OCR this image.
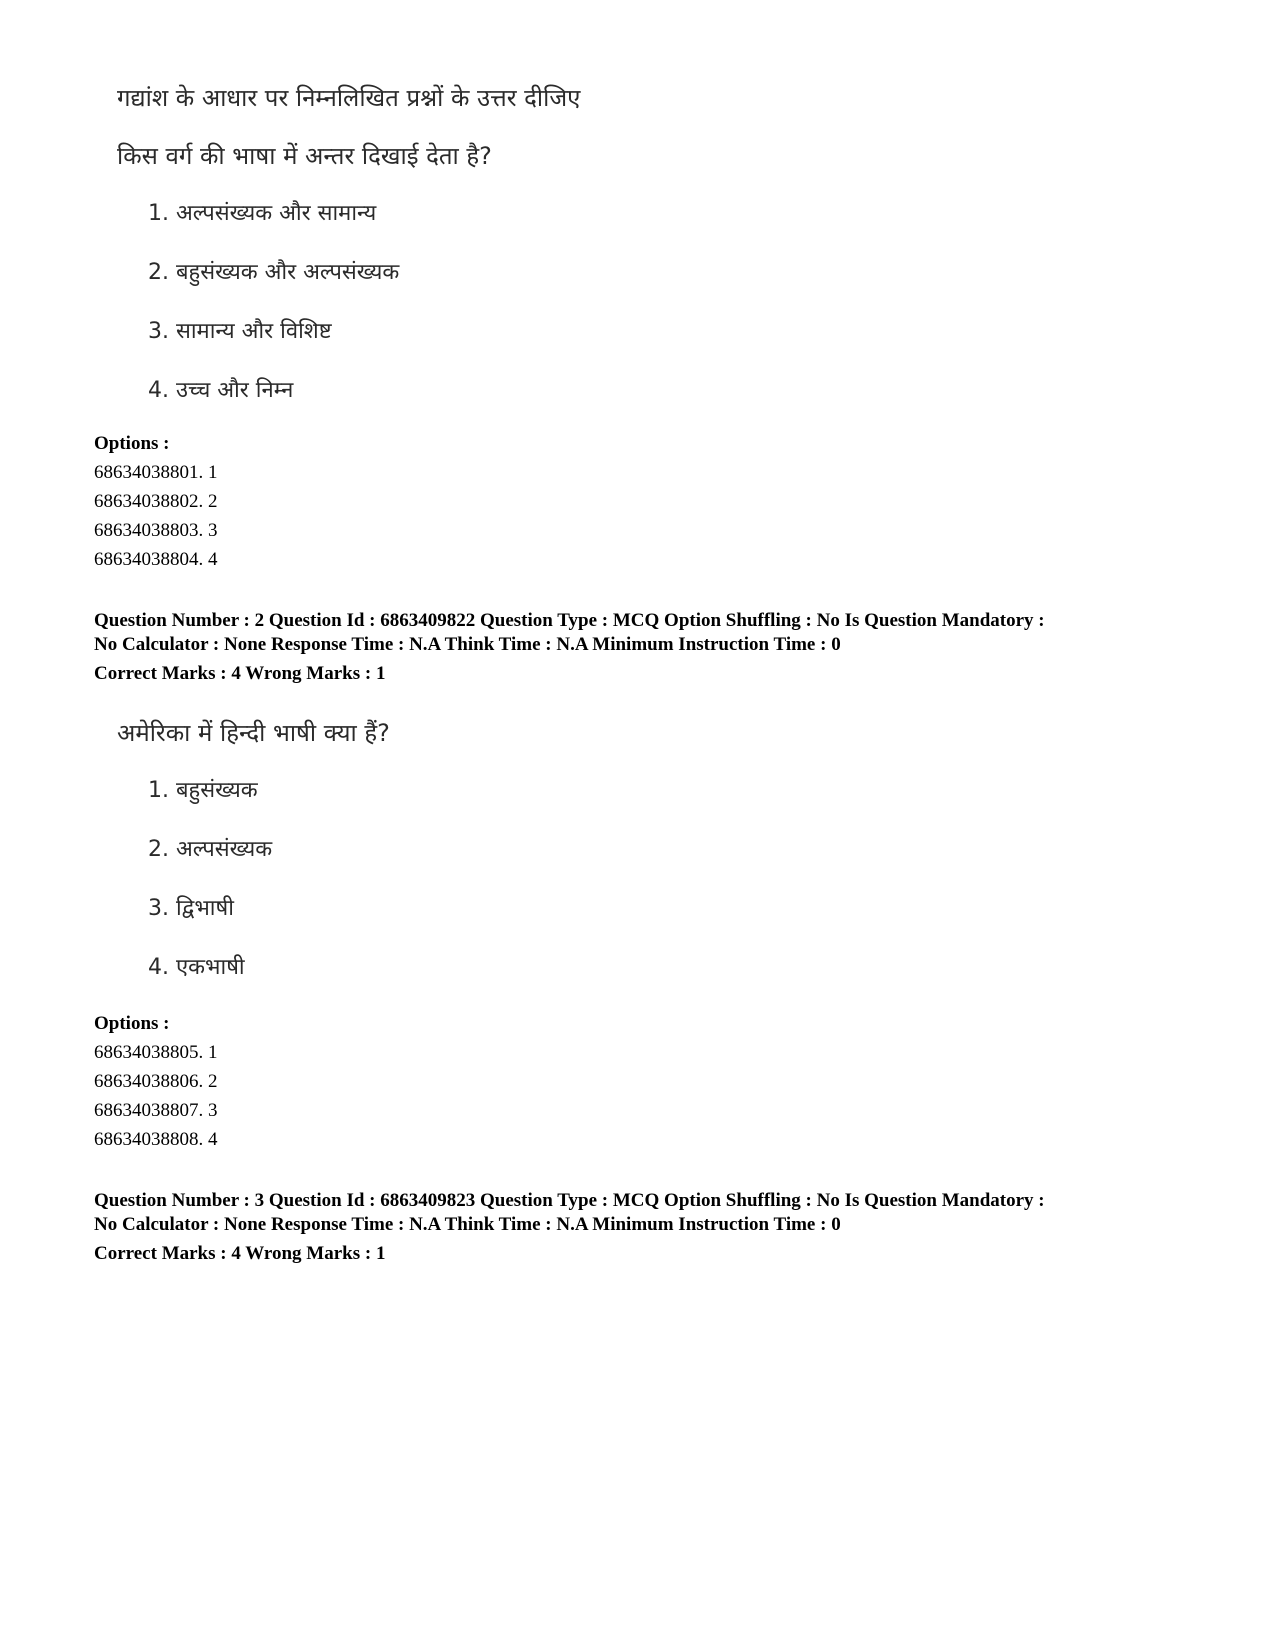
गद्यांश के आधार पर निम्नलिखित प्रश्नों के उत्तर दीजिए
किस वर्ग की भाषा में अन्तर दिखाई देता है?
1. अल्पसंख्यक और सामान्य
2. बहुसंख्यक और अल्पसंख्यक
3. सामान्य और विशिष्ट
4. उच्च और निम्न
Options :
68634038801. 1
68634038802. 2
68634038803. 3
68634038804. 4
Question Number : 2 Question Id : 6863409822 Question Type : MCQ Option Shuffling : No Is Question Mandatory :
No Calculator : None Response Time : N.A Think Time : N.A Minimum Instruction Time : 0
Correct Marks : 4 Wrong Marks : 1
अमेरिका में हिन्दी भाषी क्या हैं?
1. बहुसंख्यक
2. अल्पसंख्यक
3. द्विभाषी
4. एकभाषी
Options :
68634038805. 1
68634038806. 2
68634038807. 3
68634038808. 4
Question Number : 3 Question Id : 6863409823 Question Type : MCQ Option Shuffling : No Is Question Mandatory :
No Calculator : None Response Time : N.A Think Time : N.A Minimum Instruction Time : 0
Correct Marks : 4 Wrong Marks : 1
